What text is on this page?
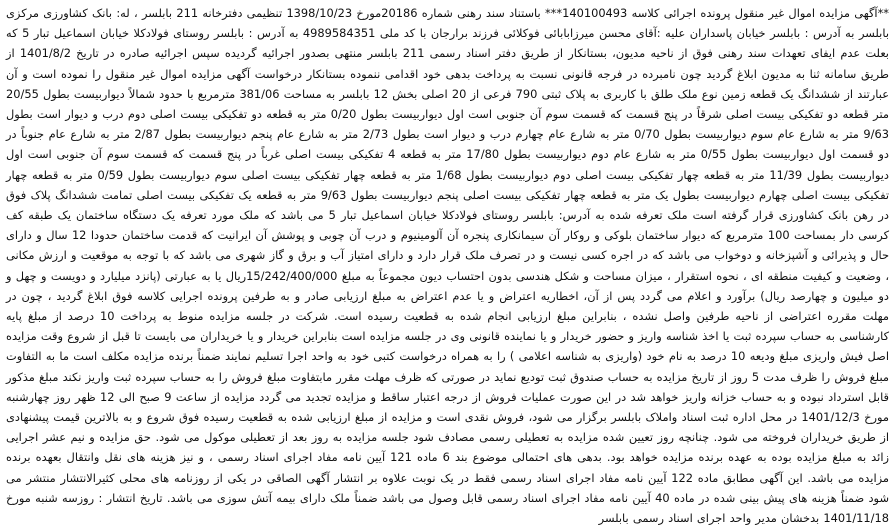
**آگهی مزایده اموال غیر منقول پرونده اجرائی کلاسه 140100493*** باستناد سند رهنی شماره 20186مورخ 1398/10/23 تنظیمی دفترخانه 211 بابلسر ، له: بانک کشاورزی مرکزی بابلسر به آدرس : بابلسر خیابان پاسداران علیه :آقای محسن میرزابابائی فوکلائی فرزند برارجان با کد ملی 4989584351 به آدرس : بابلسر روستای فولادکلا خیابان اسماعیل تبار 5 که بعلت عدم ایفای تعهدات سند رهنی فوق از ناحیه مدیون، بستانکار از طریق دفتر اسناد رسمی 211 بابلسر منتهی بصدور اجرائیه گردیده سپس اجرائیه صادره در تاریخ 1401/8/2 از طریق سامانه ثنا به مدیون ابلاغ گردید چون نامبرده در فرجه قانونی نسبت به پرداخت بدهی خود اقدامی ننموده بستانکار درخواست آگهی مزایده اموال غیر منقول را نموده است و آن عبارتند از ششدانگ یک قطعه زمین نوع ملک طلق با کاربری به پلاک ثبتی 790 فرعی از 20 اصلی بخش 12 بابلسر به مساحت 381/06 مترمربع با حدود شمالاً دیواربیست بطول 20/55 متر قطعه دو تفکیکی بیست اصلی شرقاً در پنج قسمت که قسمت سوم آن جنوبی است اول دیواربیست بطول 0/20 متر به قطعه دو تفکیکی بیست اصلی دوم درب و دیوار است بطول 9/63 متر به شارع عام سوم دیواربیست بطول 0/70 متر به شارع عام چهارم درب و دیوار است بطول 2/73 متر به شارع عام پنجم دیواربیست بطول 2/87 متر به شارع عام جنوباً در دو قسمت اول دیواربیست بطول 0/55 متر به شارع عام دوم دیواربیست بطول 17/80 متر به قطعه 4 تفکیکی بیست اصلی غرباً در پنج قسمت که قسمت سوم آن جنوبی است اول دیواربیست بطول 11/39 متر به قطعه چهار تفکیکی بیست اصلی دوم دیواربیست بطول 1/68 متر به قطعه چهار تفکیکی بیست اصلی سوم دیواربیست بطول 0/59 متر به قطعه چهار تفکیکی بیست اصلی چهارم دیواربیست بطول یک متر به قطعه چهار تفکیکی بیست اصلی پنجم دیواربیست بطول 9/63 متر به قطعه یک تفکیکی بیست اصلی تمامت ششدانگ پلاک فوق در رهن بانک کشاورزی قرار گرفته است ملک تعرفه شده به آدرس: بابلسر روستای فولادکلا خیابان اسماعیل تبار 5 می باشد که ملک مورد تعرفه یک دستگاه ساختمان یک طبقه کف کرسی دار بمساحت 100 مترمربع که دیوار ساختمان بلوکی و روکار آن سیمانکاری پنجره آن آلومینیوم و درب آن چوبی و پوشش آن ایرانیت که قدمت ساختمان حدودا 12 سال و دارای حال و پذیرائی و آشپزخانه و دوخواب می باشد که در اجره کسی نیست و در تصرف ملک قرار دارد و دارای امتیاز آب و برق و گاز شهری می باشد که با توجه به موقعیت و ارزش مکانی ، وضعیت و کیفیت منطقه ای ، نحوه استقرار ، میزان مساحت و شکل هندسی بدون احتساب دیون مجموعاً به مبلغ 15/242/400/000ریال یا به عبارتی (پانزد میلیارد و دویست و چهل و دو میلیون و چهارصد ریال) برآورد و اعلام می گردد پس از آن، اخطاریه اعتراض و یا عدم اعتراض به مبلغ ارزیابی صادر و به طرفین پرونده اجرایی کلاسه فوق ابلاغ گردید ، چون در مهلت مقرره اعتراضی از ناحیه طرفین واصل نشده ، بنابراین مبلغ ارزیابی انجام شده به قطعیت رسیده است. شرکت در جلسه مزایده منوط به پرداخت 10 درصد از مبلغ پایه کارشناسی به حساب سپرده ثبت یا اخذ شناسه واریز و حضور خریدار و یا نماینده قانونی وی در جلسه مزایده است بنابراین خریدار و یا خریداران می بایست تا قبل از شروع وقت مزایده اصل فیش واریزی مبلغ ودیعه 10 درصد به نام خود (واریزی به شناسه اعلامی ) را به همراه درخواست کتبی خود به واحد اجرا تسلیم نمایند ضمناً برنده مزایده مکلف است ما به التفاوت مبلغ فروش را ظرف مدت 5 روز از تاریخ مزایده به حساب صندوق ثبت تودیع نماید در صورتی که ظرف مهلت مقرر مابتفاوت مبلغ فروش را به حساب سپرده ثبت واریز نکند مبلغ مذکور قابل استرداد نبوده و به حساب خزانه واریز خواهد شد در این صورت عملیات فروش از درجه اعتبار ساقط و مزایده تجدید می گردد مزایده از ساعت 9 صبح الی 12 ظهر روز چهارشنبه مورخ 1401/12/3 در محل اداره ثبت اسناد واملاک بابلسر برگزار می شود، فروش نقدی است و مزایده از مبلغ ارزیابی شده به قطعیت رسیده فوق شروع و به بالاترین قیمت پیشنهادی از طریق خریداران فروخته می شود. چنانچه روز تعیین شده مزایده به تعطیلی رسمی مصادف شود جلسه مزایده به روز بعد از تعطیلی موکول می شود. حق مزایده و نیم عشر اجرایی زائد به مبلغ مزایده بوده به عهده برنده مزایده خواهد بود. بدهی های احتمالی موضوع بند 6 ماده 121 آیین نامه مفاد اجرای اسناد رسمی ، و نیز هزینه های نقل وانتقال بعهده برنده مزایده می باشد. این آگهی مطابق ماده 122 آیین نامه مفاد اجرای اسناد رسمی فقط در یک نوبت علاوه بر انتشار آگهی الصاقی در یکی از روزنامه های محلی کثیرالانتشار منتشر می شود ضمناً هزینه های پیش بینی شده در ماده 40 آیین نامه مفاد اجرای اسناد رسمی قابل وصول می باشد ضمناً ملک دارای بیمه آتش سوزی می باشد. تاریخ انتشار : روزسه شنبه مورخ 1401/11/18 بدخشان مدیر واحد اجرای اسناد رسمی بابلسر
